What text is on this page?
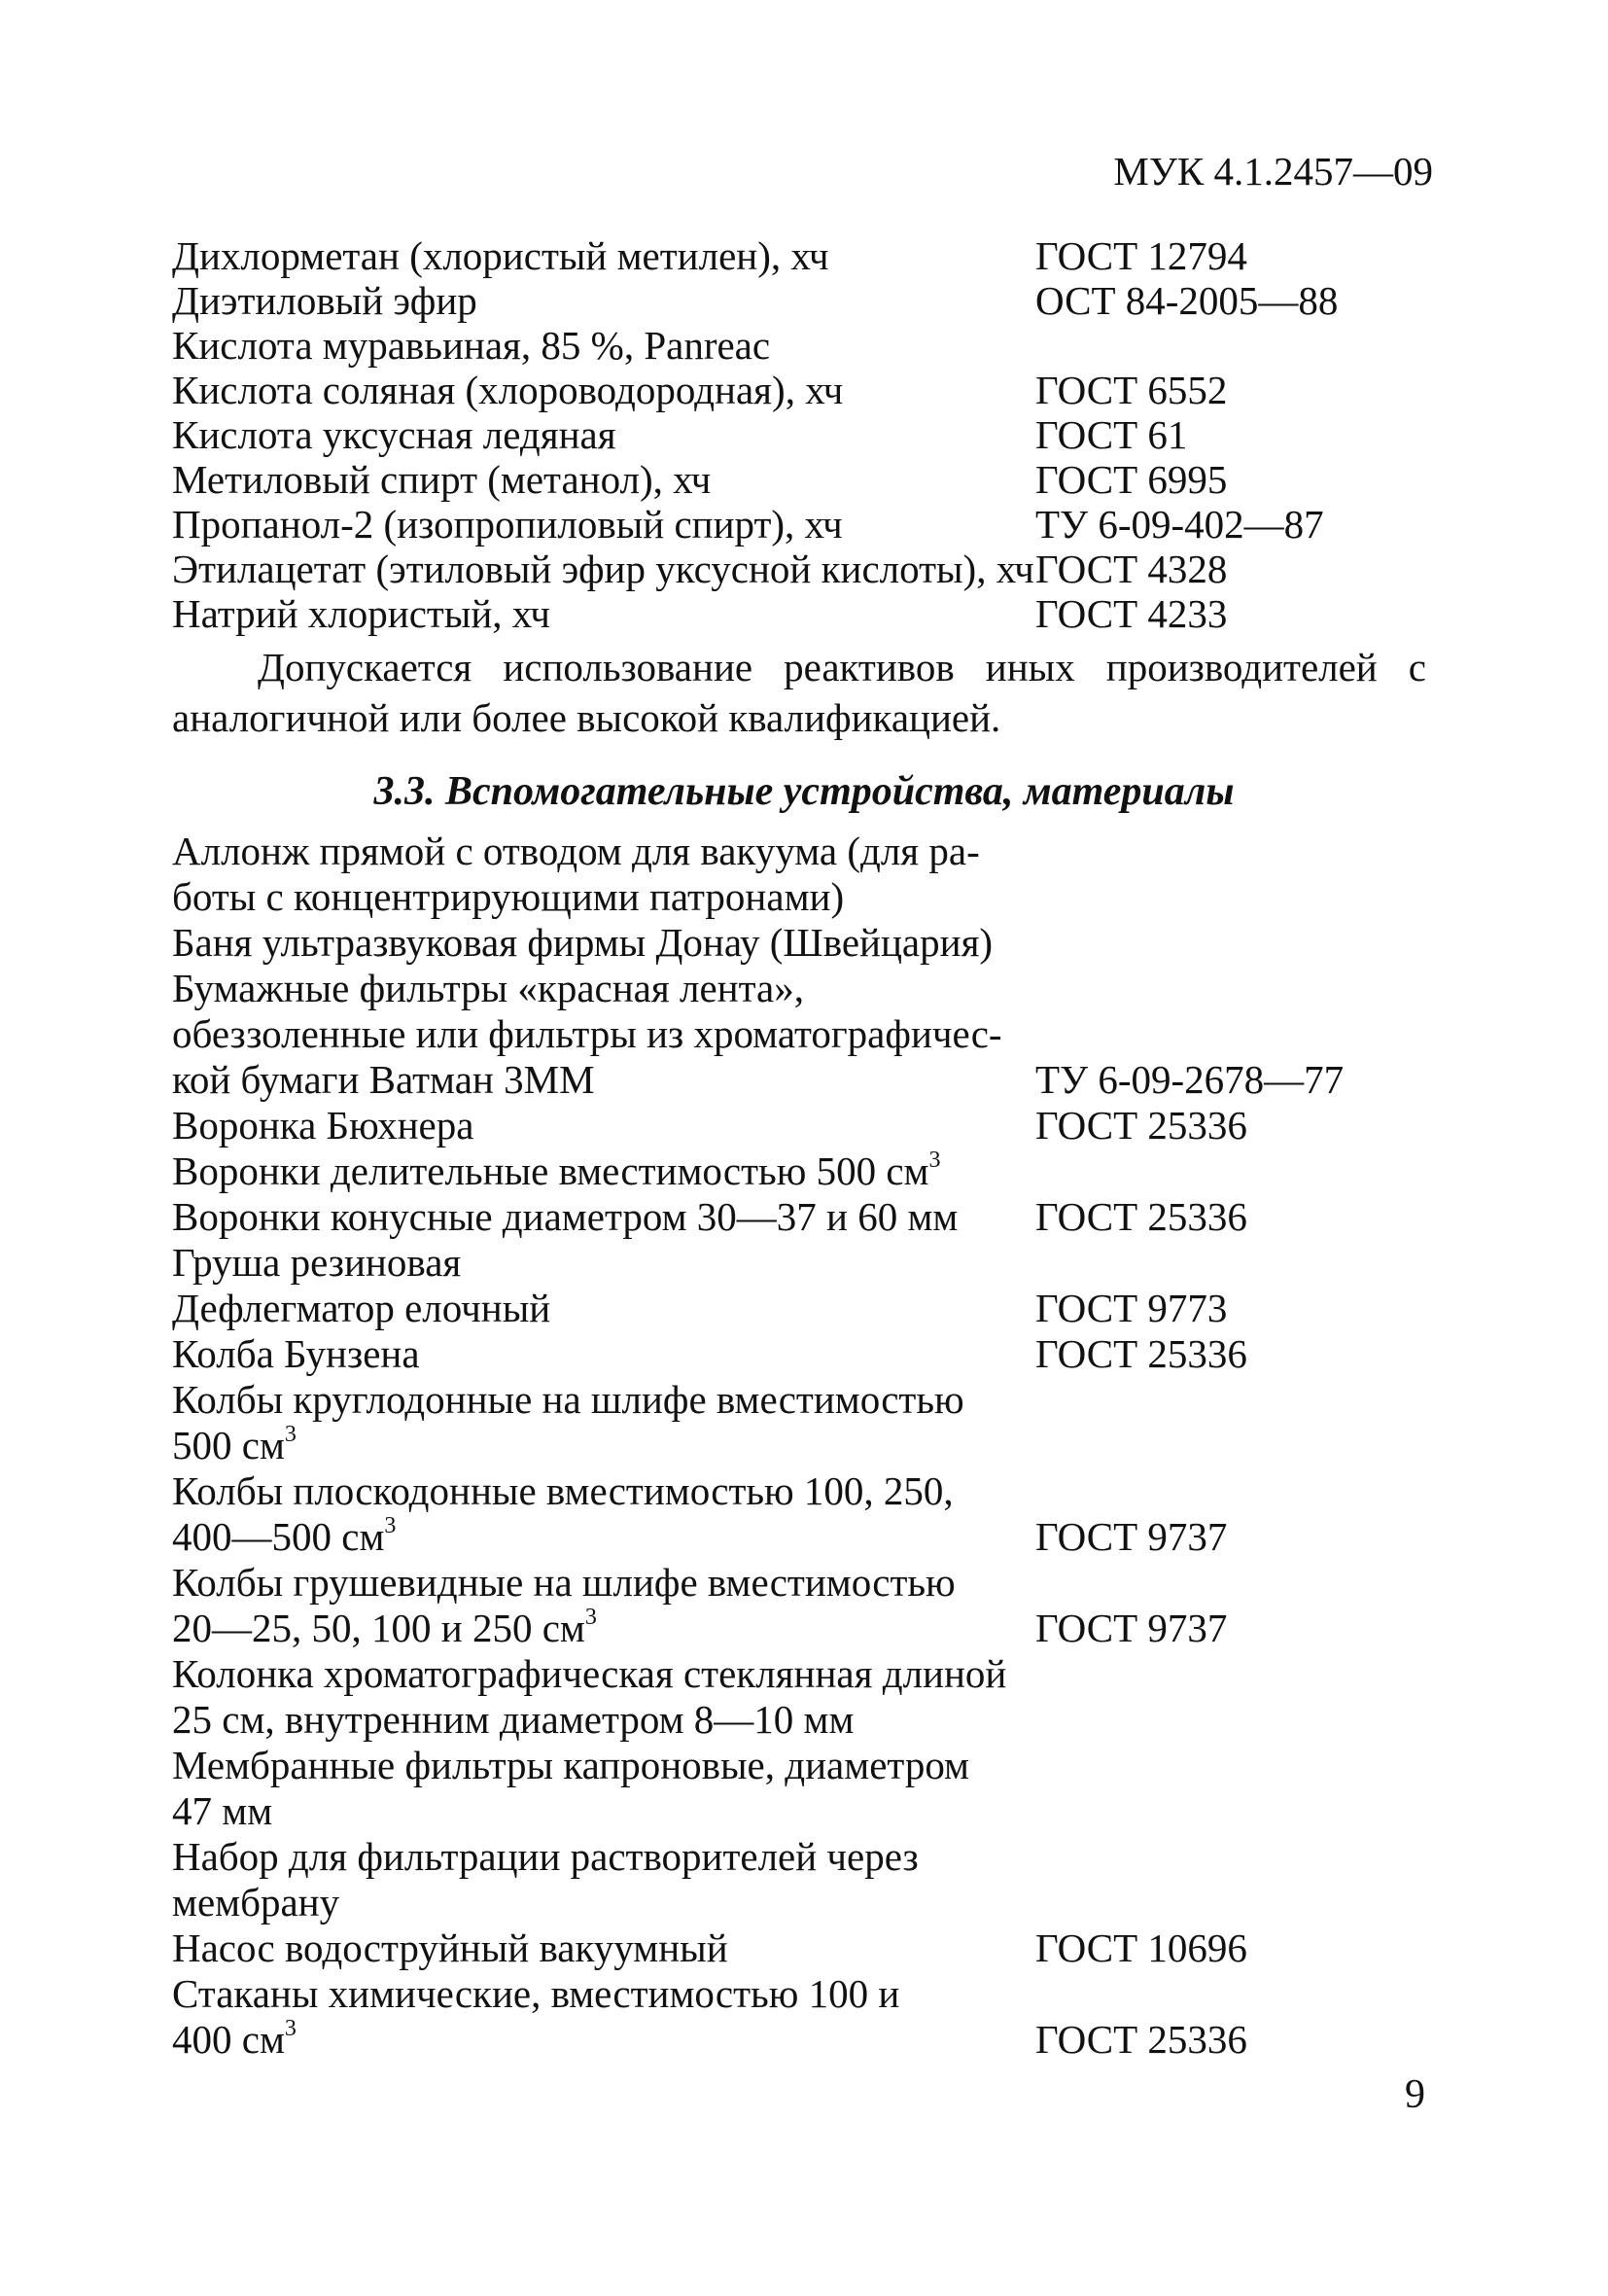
МУК 4.1.2457—09
Дихлорметан (хлористый метилен), хч	ГОСТ 12794
Диэтиловый эфир	ОСТ 84-2005—88
Кислота муравьиная, 85 %, Panreac
Кислота соляная (хлороводородная), хч	ГОСТ 6552
Кислота уксусная ледяная	ГОСТ 61
Метиловый спирт (метанол), хч	ГОСТ 6995
Пропанол-2 (изопропиловый спирт), хч	ТУ 6-09-402—87
Этилацетат (этиловый эфир уксусной кислоты), хч ГОСТ 4328
Натрий хлористый, хч	ГОСТ 4233
Допускается использование реактивов иных производителей с аналогичной или более высокой квалификацией.
3.3. Вспомогательные устройства, материалы
Аллонж прямой с отводом для вакуума (для ра-
боты с концентрирующими патронами)
Баня ультразвуковая фирмы Донау (Швейцария)
Бумажные фильтры «красная лента»,
обеззоленные или фильтры из хроматографичес-
кой бумаги Ватман 3ММ	ТУ 6-09-2678—77
Воронка Бюхнера	ГОСТ 25336
Воронки делительные вместимостью 500 $см^3$
Воронки конусные диаметром 30—37 и 60 мм	ГОСТ 25336
Груша резиновая
Дефлегматор елочный	ГОСТ 9773
Колба Бунзена	ГОСТ 25336
Колбы круглодонные на шлифе вместимостью
500 $см^3$
Колбы плоскодонные вместимостью 100, 250,
400—500 $см^3$	ГОСТ 9737
Колбы грушевидные на шлифе вместимостью
20—25, 50, 100 и 250 $см^3$	ГОСТ 9737
Колонка хроматографическая стеклянная длиной
25 см, внутренним диаметром 8—10 мм
Мембранные фильтры капроновые, диаметром
47 мм
Набор для фильтрации растворителей через
мембрану
Насос водоструйный вакуумный	ГОСТ 10696
Стаканы химические, вместимостью 100 и
400 $см^3$	ГОСТ 25336
9
